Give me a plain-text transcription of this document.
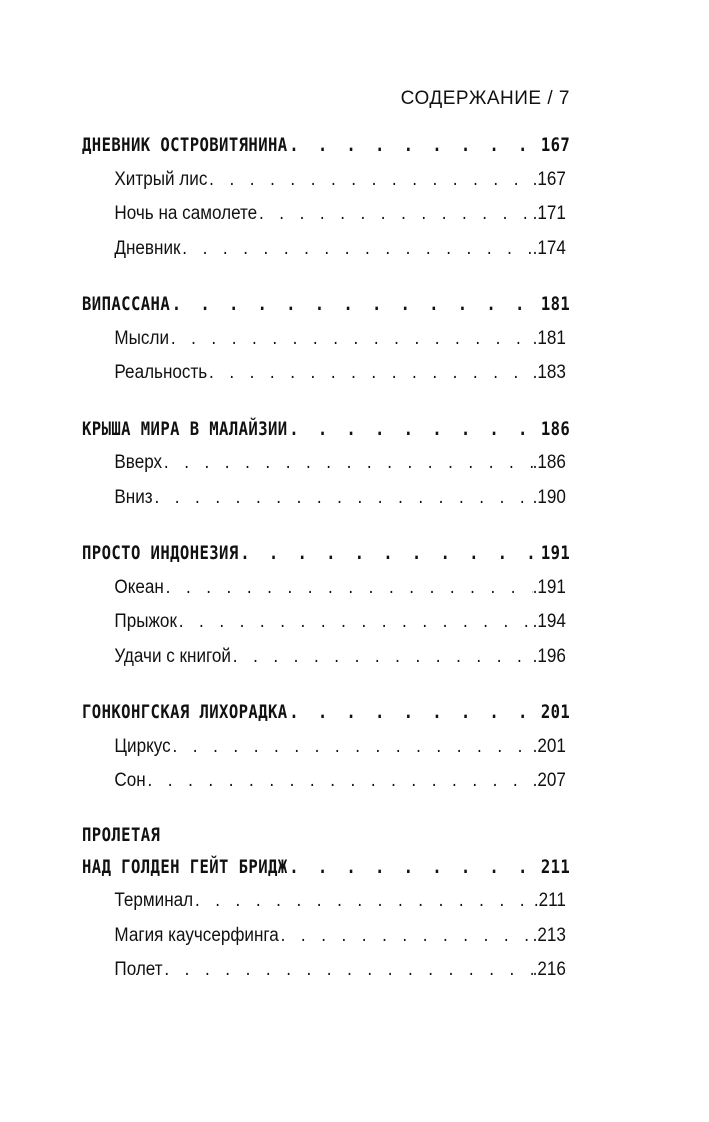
СОДЕРЖАНИЕ / 7
ДНЕВНИК ОСТРОВИТЯНИНА . . .	167
Хитрый лис . . .	.167
Ночь на самолете . . .	.171
Дневник . . .	.174
ВИПАССАНА . . .	181
Мысли . . .	.181
Реальность . . .	.183
КРЫША МИРА В МАЛАЙЗИИ . . .	186
Вверх . . .	.186
Вниз . . .	.190
ПРОСТО ИНДОНЕЗИЯ . . .	191
Океан . . .	.191
Прыжок . . .	.194
Удачи с книгой . . .	.196
ГОНКОНГСКАЯ ЛИХОРАДКА . . .	201
Циркус . . .	.201
Сон . . .	.207
ПРОЛЕТАЯ
НАД ГОЛДЕН ГЕЙТ БРИДЖ . . .	211
Терминал . . .	.211
Магия каучсерфинга . . .	.213
Полет . . .	.216
